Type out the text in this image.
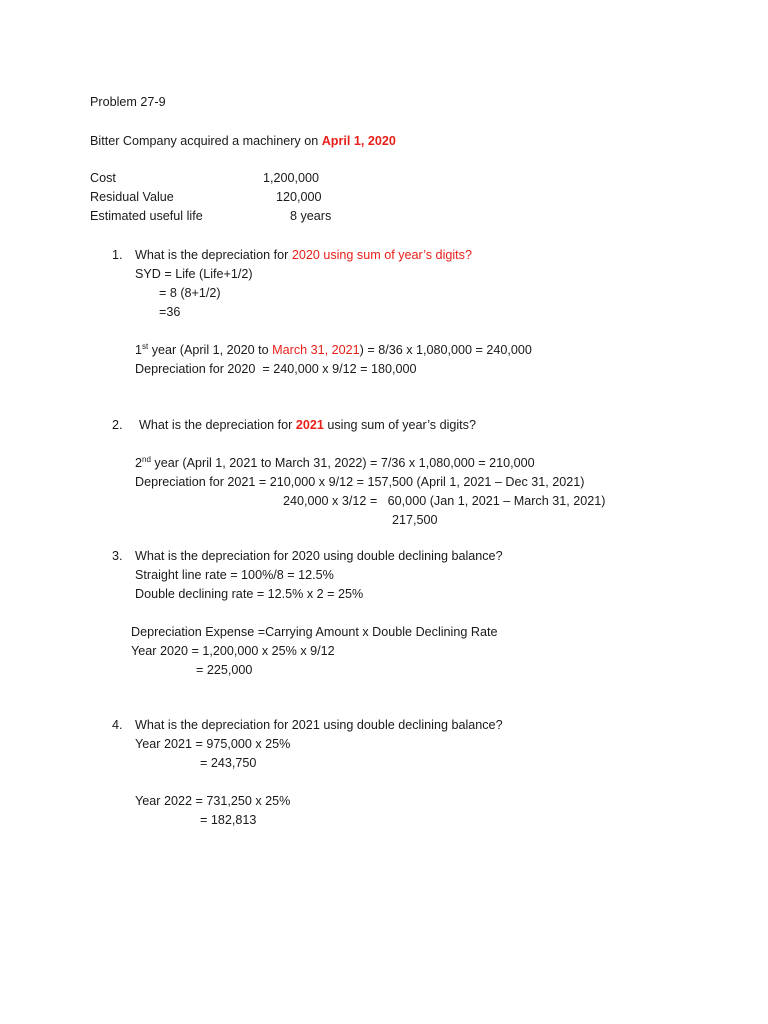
Problem 27-9
Bitter Company acquired a machinery on April 1, 2020
Cost	1,200,000
Residual Value	120,000
Estimated useful life	8 years
1. What is the depreciation for 2020 using sum of year’s digits?
SYD = Life (Life+1/2)
= 8 (8+1/2)
=36
1st year (April 1, 2020 to March 31, 2021) = 8/36 x 1,080,000 = 240,000
Depreciation for 2020  = 240,000 x 9/12 = 180,000
2. What is the depreciation for 2021 using sum of year’s digits?
2nd year (April 1, 2021 to March 31, 2022) = 7/36 x 1,080,000 = 210,000
Depreciation for 2021 = 210,000 x 9/12 = 157,500 (April 1, 2021 – Dec 31, 2021)
240,000 x 3/12 =   60,000 (Jan 1, 2021 – March 31, 2021)
217,500
3. What is the depreciation for 2020 using double declining balance?
Straight line rate = 100%/8 = 12.5%
Double declining rate = 12.5% x 2 = 25%
Depreciation Expense =Carrying Amount x Double Declining Rate
Year 2020 = 1,200,000 x 25% x 9/12
= 225,000
4. What is the depreciation for 2021 using double declining balance?
Year 2021 = 975,000 x 25%
= 243,750
Year 2022 = 731,250 x 25%
= 182,813
